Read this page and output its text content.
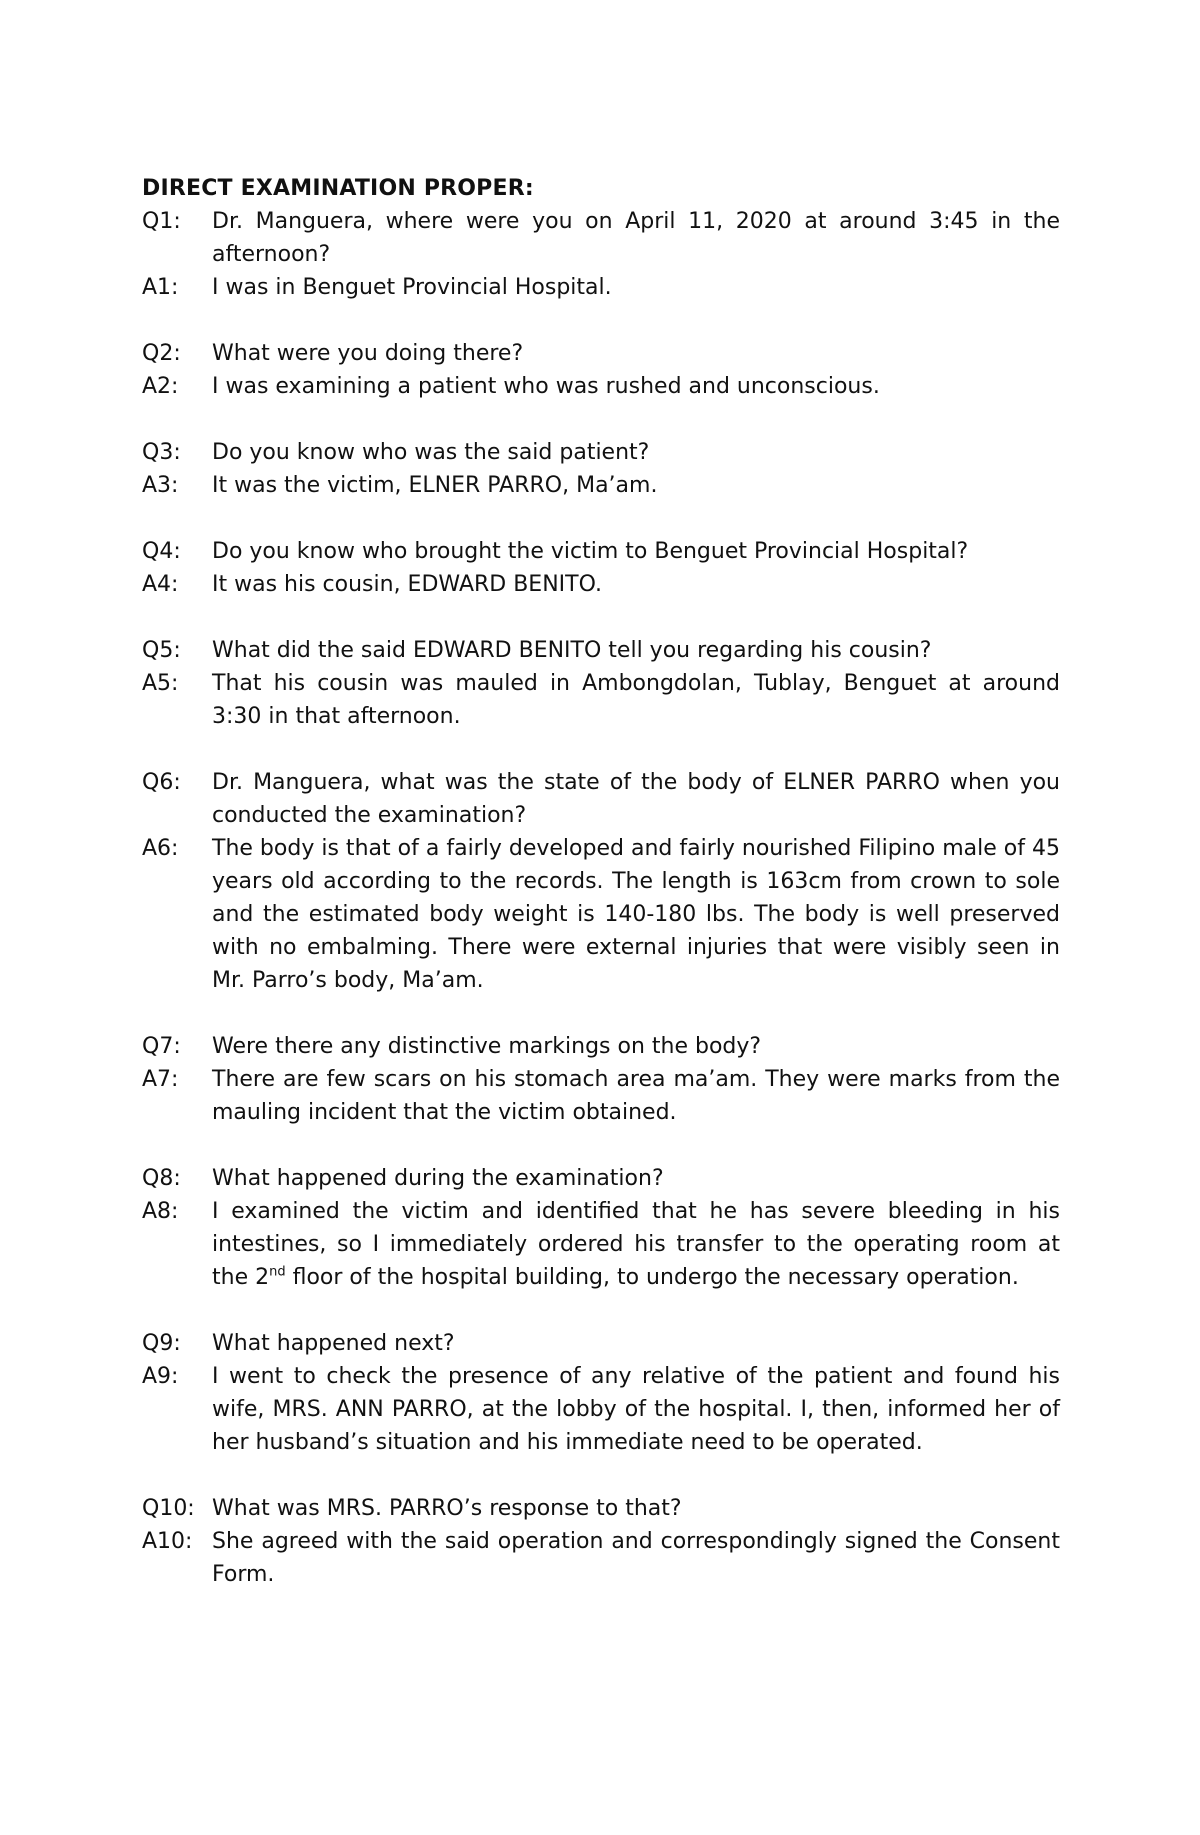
DIRECT EXAMINATION PROPER:
Q1:	Dr. Manguera, where were you on April 11, 2020 at around 3:45 in the afternoon?
A1:	I was in Benguet Provincial Hospital.
Q2:	What were you doing there?
A2:	I was examining a patient who was rushed and unconscious.
Q3:	Do you know who was the said patient?
A3:	It was the victim, ELNER PARRO, Ma’am.
Q4:	Do you know who brought the victim to Benguet Provincial Hospital?
A4:	It was his cousin, EDWARD BENITO.
Q5:	What did the said EDWARD BENITO tell you regarding his cousin?
A5:	That his cousin was mauled in Ambongdolan, Tublay, Benguet at around 3:30 in that afternoon.
Q6:	Dr. Manguera, what was the state of the body of ELNER PARRO when you conducted the examination?
A6:	The body is that of a fairly developed and fairly nourished Filipino male of 45 years old according to the records. The length is 163cm from crown to sole and the estimated body weight is 140-180 lbs. The body is well preserved with no embalming. There were external injuries that were visibly seen in Mr. Parro’s body, Ma’am.
Q7:	Were there any distinctive markings on the body?
A7:	There are few scars on his stomach area ma’am. They were marks from the mauling incident that the victim obtained.
Q8:	What happened during the examination?
A8:	I examined the victim and identified that he has severe bleeding in his intestines, so I immediately ordered his transfer to the operating room at the 2nd floor of the hospital building, to undergo the necessary operation.
Q9:	What happened next?
A9:	I went to check the presence of any relative of the patient and found his wife, MRS. ANN PARRO, at the lobby of the hospital. I, then, informed her of her husband’s situation and his immediate need to be operated.
Q10: What was MRS. PARRO’s response to that?
A10: She agreed with the said operation and correspondingly signed the Consent Form.
